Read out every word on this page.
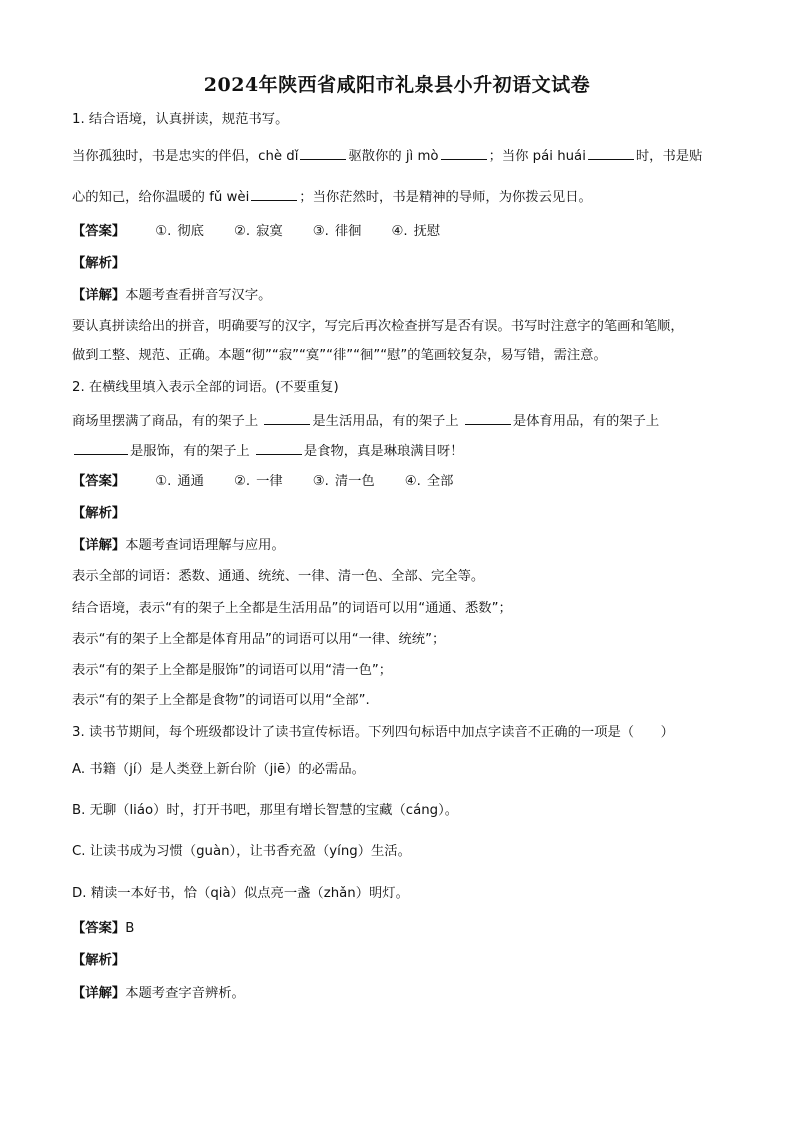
2024年陕西省咸阳市礼泉县小升初语文试卷
1. 结合语境，认真拼读，规范书写。
当你孤独时，书是忠实的伴侣，chè dǐ	驱散你的 jì mò	；当你 pái huái	时，书是贴
心的知己，给你温暖的 fǔ wèi	；当你茫然时，书是精神的导师，为你拨云见日。
【答案】 ①. 彻底 ②. 寂寞 ③. 徘徊 ④. 抚慰
【解析】
【详解】本题考查看拼音写汉字。
要认真拼读给出的拼音，明确要写的汉字，写完后再次检查拼写是否有误。书写时注意字的笔画和笔顺，
做到工整、规范、正确。本题“彻”“寂”“寞”“徘”“徊”“慰”的笔画较复杂，易写错，需注意。
2. 在横线里填入表示全部的词语。(不要重复)
商场里摆满了商品，有的架子上	是生活用品，有的架子上	是体育用品，有的架子上
是服饰，有的架子上	是食物，真是琳琅满目呀！
【答案】 ①. 通通 ②. 一律 ③. 清一色 ④. 全部
【解析】
【详解】本题考查词语理解与应用。
表示全部的词语：悉数、通通、统统、一律、清一色、全部、完全等。
结合语境，表示“有的架子上全都是生活用品”的词语可以用“通通、悉数”；
表示“有的架子上全都是体育用品”的词语可以用“一律、统统”；
表示“有的架子上全都是服饰”的词语可以用“清一色”；
表示“有的架子上全都是食物”的词语可以用“全部”.
3. 读书节期间，每个班级都设计了读书宣传标语。下列四句标语中加点字读音不正确的一项是（　　）
A. 书籍（jí）是人类登上新台阶（jiē）的必需品。
B. 无聊（liáo）时，打开书吧，那里有增长智慧的宝藏（cáng）。
C. 让读书成为习惯（guàn），让书香充盈（yíng）生活。
D. 精读一本好书，恰（qià）似点亮一盏（zhǎn）明灯。
【答案】B
【解析】
【详解】本题考查字音辨析。
